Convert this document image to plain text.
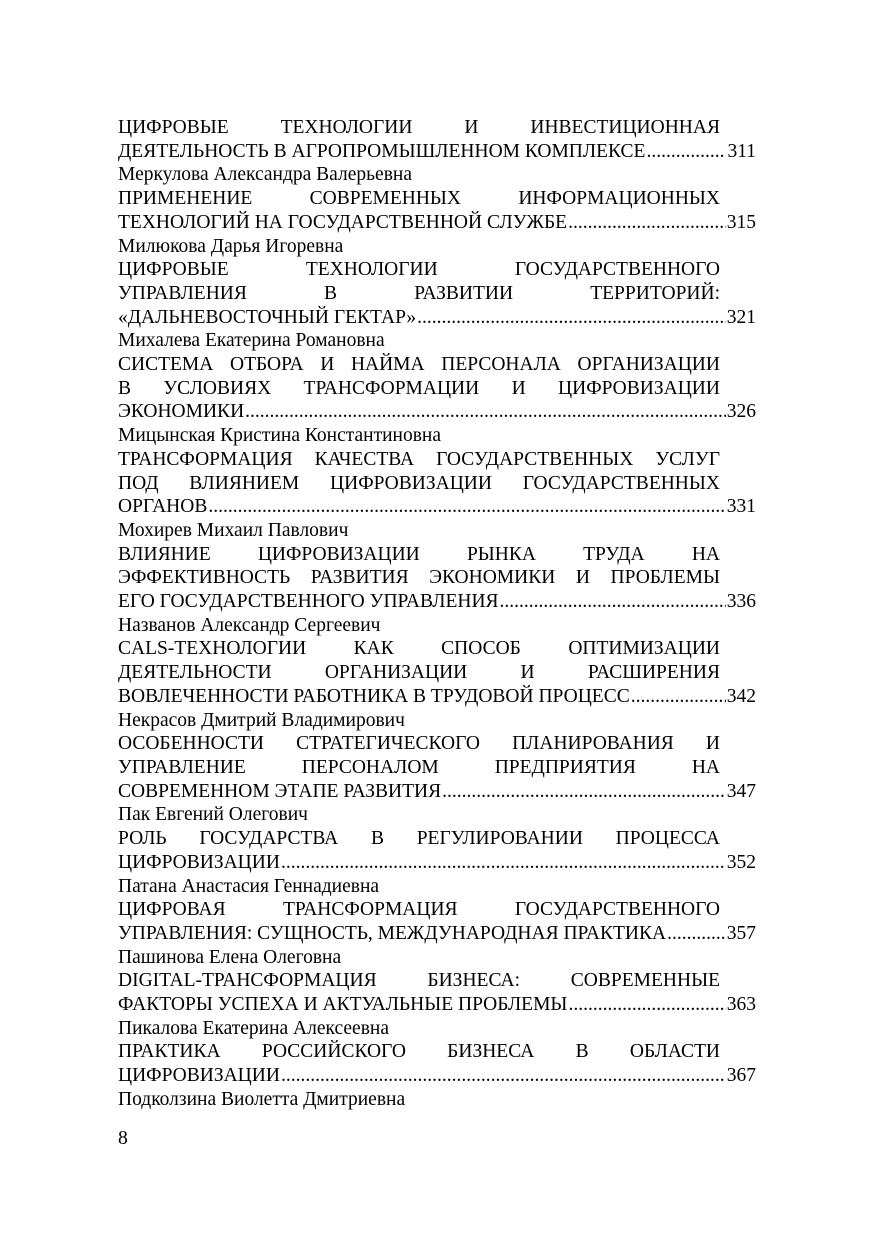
ЦИФРОВЫЕ	ТЕХНОЛОГИИ	И	ИНВЕСТИЦИОННАЯ
ДЕЯТЕЛЬНОСТЬ В АГРОПРОМЫШЛЕННОМ КОМПЛЕКСЕ .....	311
Меркулова Александра Валерьевна
ПРИМЕНЕНИЕ	СОВРЕМЕННЫХ	ИНФОРМАЦИОННЫХ
ТЕХНОЛОГИЙ НА ГОСУДАРСТВЕННОЙ СЛУЖБЕ .....	315
Милюкова Дарья Игоревна
ЦИФРОВЫЕ	ТЕХНОЛОГИИ	ГОСУДАРСТВЕННОГО
УПРАВЛЕНИЯ	В	РАЗВИТИИ	ТЕРРИТОРИЙ:
«ДАЛЬНЕВОСТОЧНЫЙ ГЕКТАР» .....	321
Михалева Екатерина Романовна
СИСТЕМА ОТБОРА И НАЙМА ПЕРСОНАЛА ОРГАНИЗАЦИИ
В УСЛОВИЯХ ТРАНСФОРМАЦИИ И ЦИФРОВИЗАЦИИ
ЭКОНОМИКИ .....	326
Мицынская Кристина Константиновна
ТРАНСФОРМАЦИЯ КАЧЕСТВА ГОСУДАРСТВЕННЫХ УСЛУГ
ПОД ВЛИЯНИЕМ ЦИФРОВИЗАЦИИ ГОСУДАРСТВЕННЫХ
ОРГАНОВ .....	331
Мохирев Михаил Павлович
ВЛИЯНИЕ ЦИФРОВИЗАЦИИ РЫНКА ТРУДА НА
ЭФФЕКТИВНОСТЬ РАЗВИТИЯ ЭКОНОМИКИ И ПРОБЛЕМЫ
ЕГО ГОСУДАРСТВЕННОГО УПРАВЛЕНИЯ .....	336
Названов Александр Сергеевич
CALS-ТЕХНОЛОГИИ КАК СПОСОБ ОПТИМИЗАЦИИ
ДЕЯТЕЛЬНОСТИ	ОРГАНИЗАЦИИ	И	РАСШИРЕНИЯ
ВОВЛЕЧЕННОСТИ РАБОТНИКА В ТРУДОВОЙ ПРОЦЕСС .....	342
Некрасов Дмитрий Владимирович
ОСОБЕННОСТИ СТРАТЕГИЧЕСКОГО ПЛАНИРОВАНИЯ И
УПРАВЛЕНИЕ	ПЕРСОНАЛОМ	ПРЕДПРИЯТИЯ	НА
СОВРЕМЕННОМ ЭТАПЕ РАЗВИТИЯ .....	347
Пак Евгений Олегович
РОЛЬ ГОСУДАРСТВА В РЕГУЛИРОВАНИИ ПРОЦЕССА
ЦИФРОВИЗАЦИИ .....	352
Патана Анастасия Геннадиевна
ЦИФРОВАЯ	ТРАНСФОРМАЦИЯ	ГОСУДАРСТВЕННОГО
УПРАВЛЕНИЯ: СУЩНОСТЬ, МЕЖДУНАРОДНАЯ ПРАКТИКА .....	357
Пашинова Елена Олеговна
DIGITAL-ТРАНСФОРМАЦИЯ	БИЗНЕСА:	СОВРЕМЕННЫЕ
ФАКТОРЫ УСПЕХА И АКТУАЛЬНЫЕ ПРОБЛЕМЫ .....	363
Пикалова Екатерина Алексеевна
ПРАКТИКА РОССИЙСКОГО БИЗНЕСА В ОБЛАСТИ
ЦИФРОВИЗАЦИИ .....	367
Подколзина Виолетта Дмитриевна
8
